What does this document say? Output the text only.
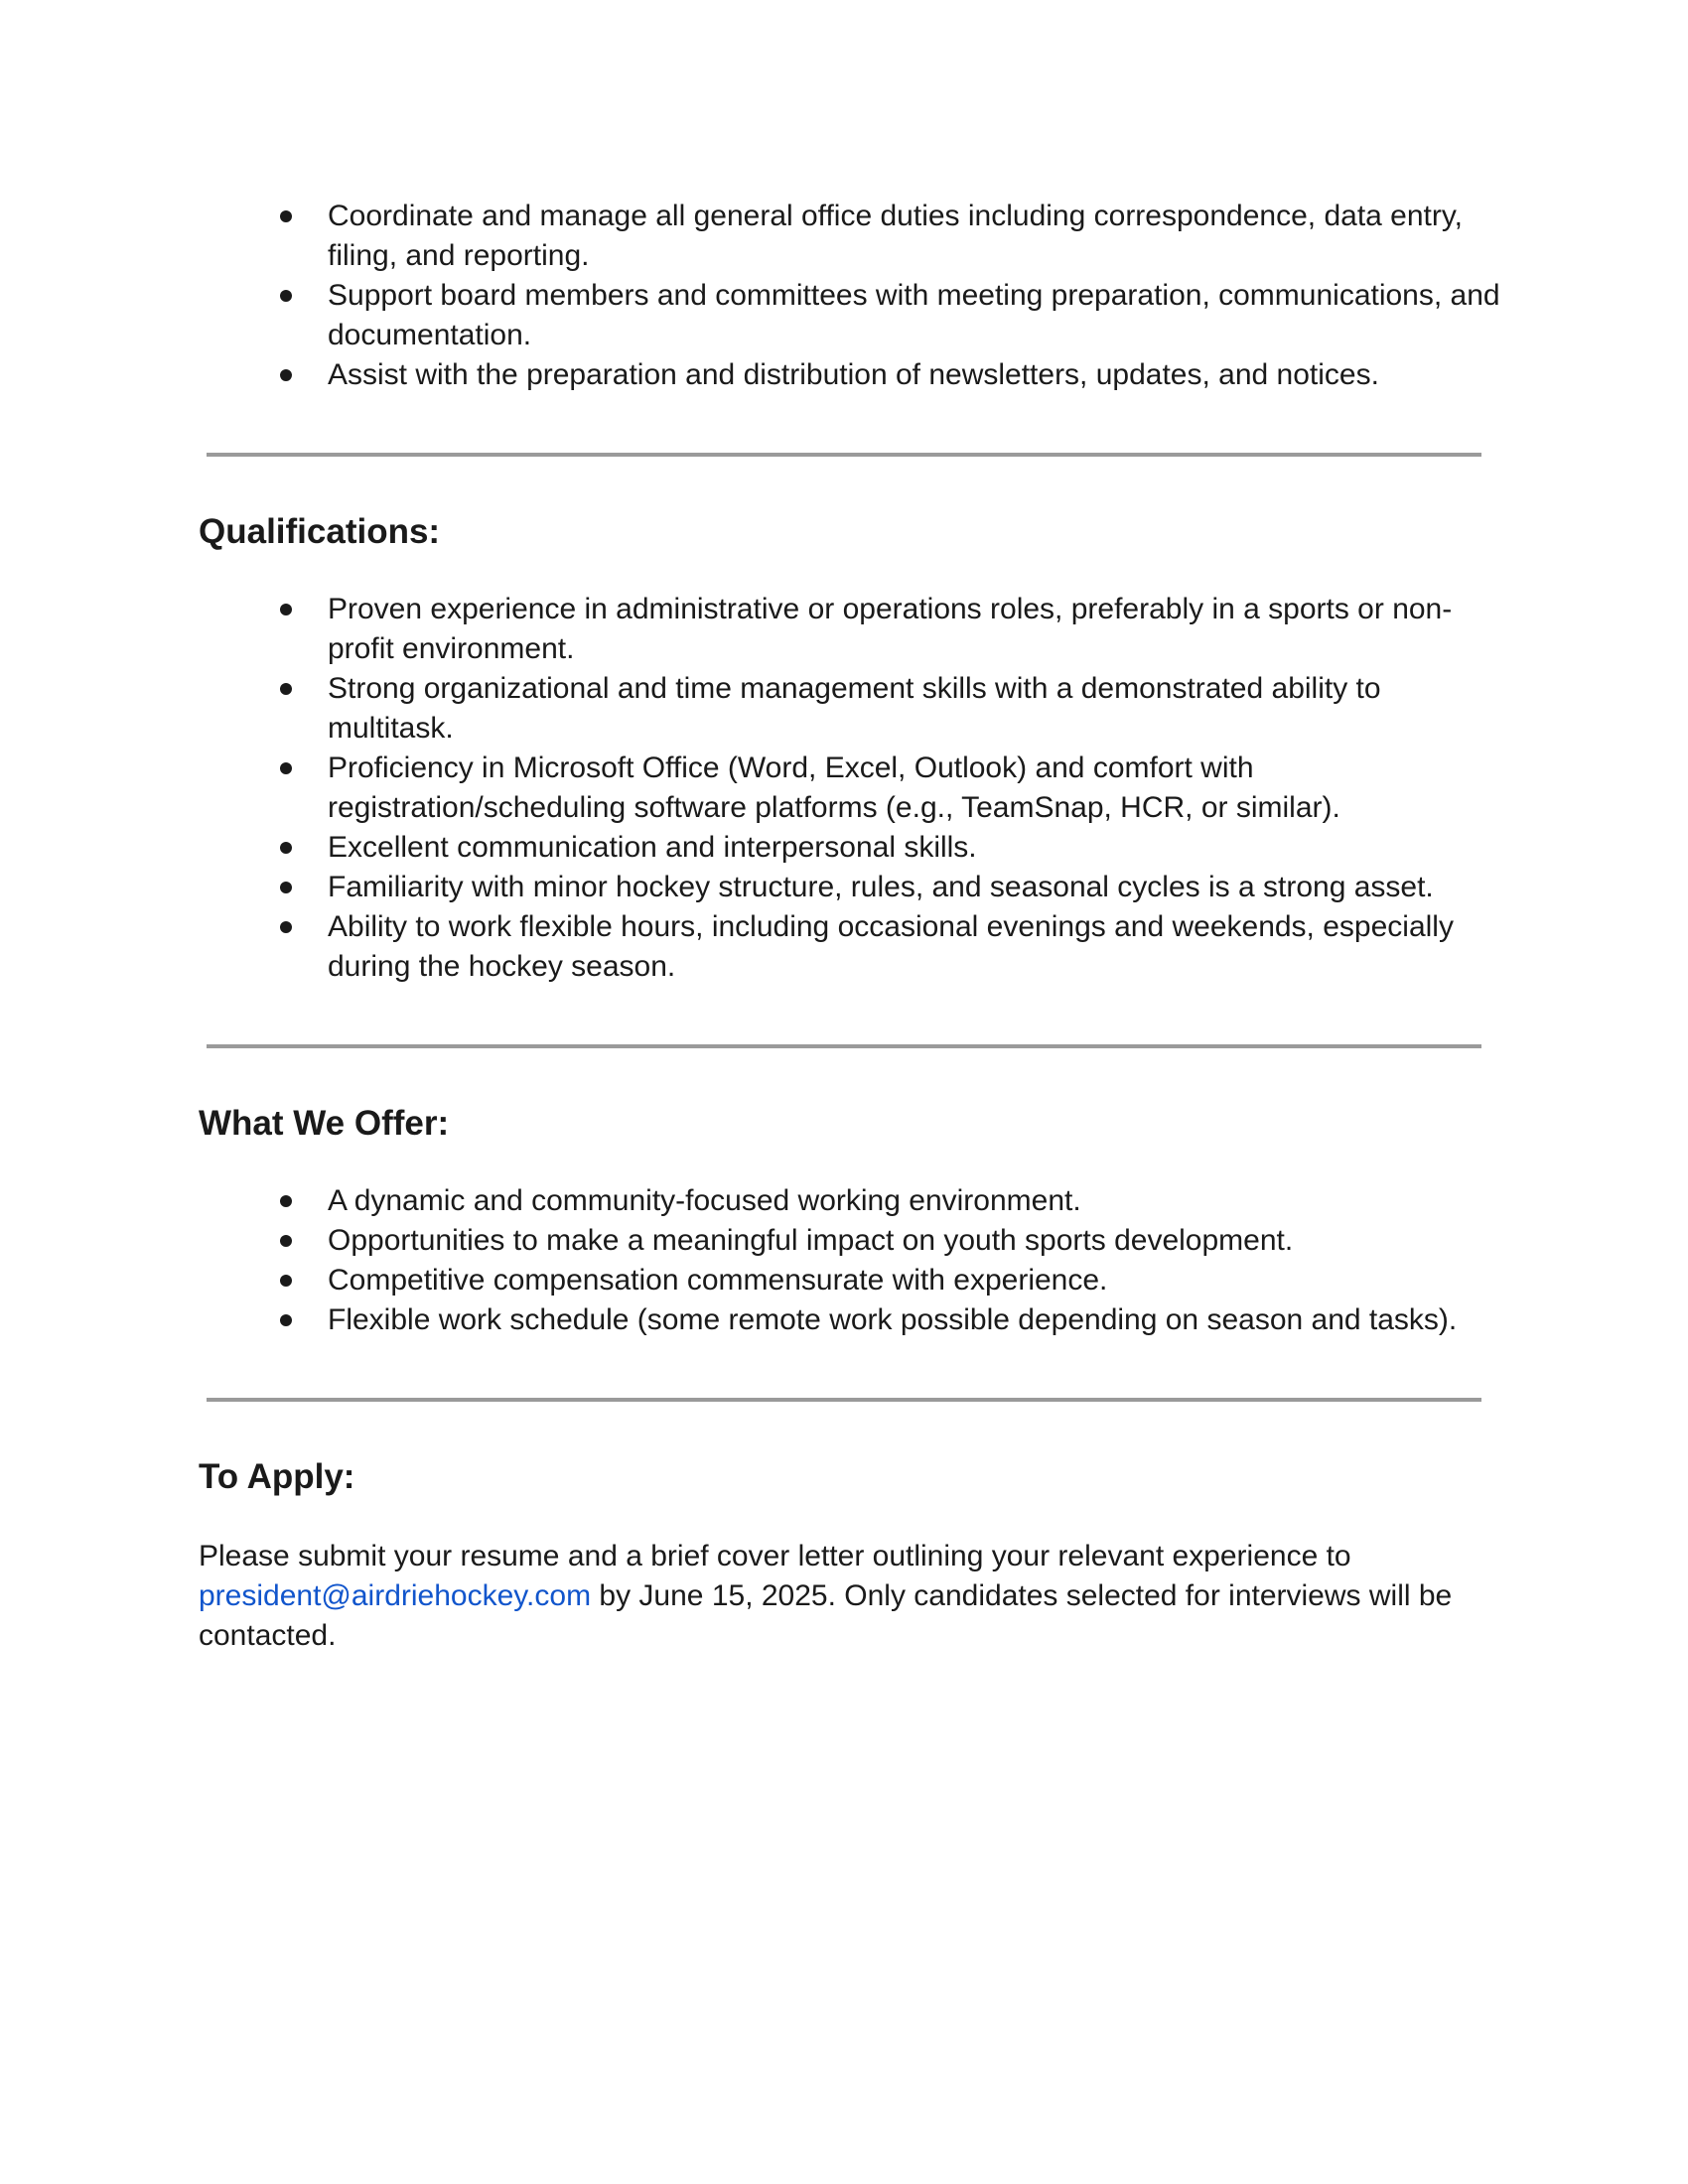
Coordinate and manage all general office duties including correspondence, data entry, filing, and reporting.
Support board members and committees with meeting preparation, communications, and documentation.
Assist with the preparation and distribution of newsletters, updates, and notices.
Qualifications:
Proven experience in administrative or operations roles, preferably in a sports or non-profit environment.
Strong organizational and time management skills with a demonstrated ability to multitask.
Proficiency in Microsoft Office (Word, Excel, Outlook) and comfort with registration/scheduling software platforms (e.g., TeamSnap, HCR, or similar).
Excellent communication and interpersonal skills.
Familiarity with minor hockey structure, rules, and seasonal cycles is a strong asset.
Ability to work flexible hours, including occasional evenings and weekends, especially during the hockey season.
What We Offer:
A dynamic and community-focused working environment.
Opportunities to make a meaningful impact on youth sports development.
Competitive compensation commensurate with experience.
Flexible work schedule (some remote work possible depending on season and tasks).
To Apply:

Please submit your resume and a brief cover letter outlining your relevant experience to president@airdriehockey.com by June 15, 2025. Only candidates selected for interviews will be contacted.
